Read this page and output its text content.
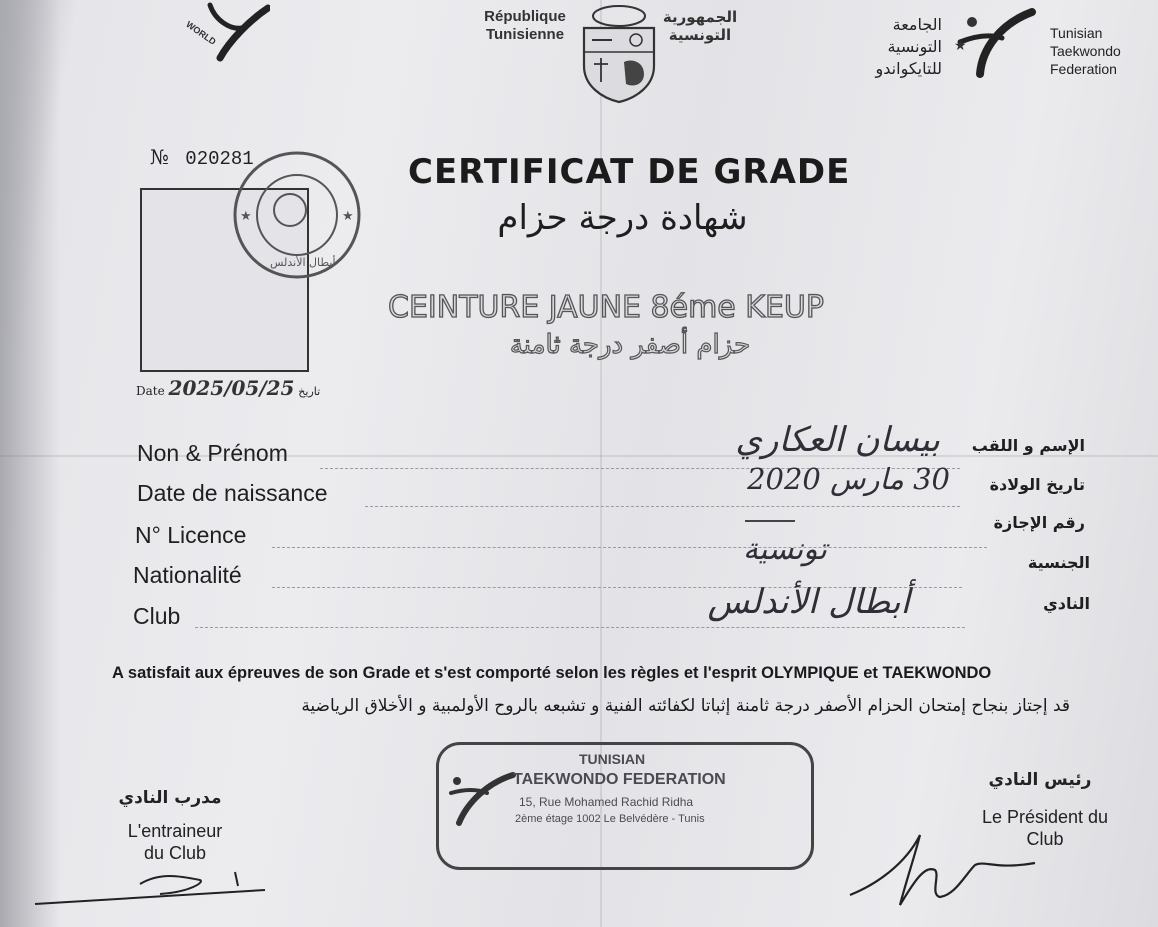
WORLD
République
Tunisienne
الجمهورية
التونسية
الجامعة
التونسية
للتايكواندو
★
Tunisian
Taekwondo
Federation
№ 020281
★	★
أبطال الأندلس
Date 2025/05/25 تاريخ
CERTIFICAT DE GRADE
شهادة درجة حزام
CEINTURE JAUNE 8éme KEUP
حزام أصفر درجة ثامنة
Non & Prénom
Date de naissance
N° Licence
Nationalité
Club
الإسم و اللقب
تاريخ الولادة
رقم الإجازة
الجنسية
النادي
بيسان العكاري
30 مارس 2020
تونسية
أبطال الأندلس
A satisfait aux épreuves de son Grade et s'est comporté selon les règles et l'esprit OLYMPIQUE et TAEKWONDO
قد إجتاز بنجاح إمتحان الحزام الأصفر درجة ثامنة إثباتا لكفائته الفنية و تشبعه بالروح الأولمبية و الأخلاق الرياضية
مدرب النادي
L'entraineur
du Club
TUNISIAN
TAEKWONDO FEDERATION
15, Rue Mohamed Rachid Ridha
2ème étage 1002 Le Belvédère - Tunis
رئيس النادي
Le Président du
Club
